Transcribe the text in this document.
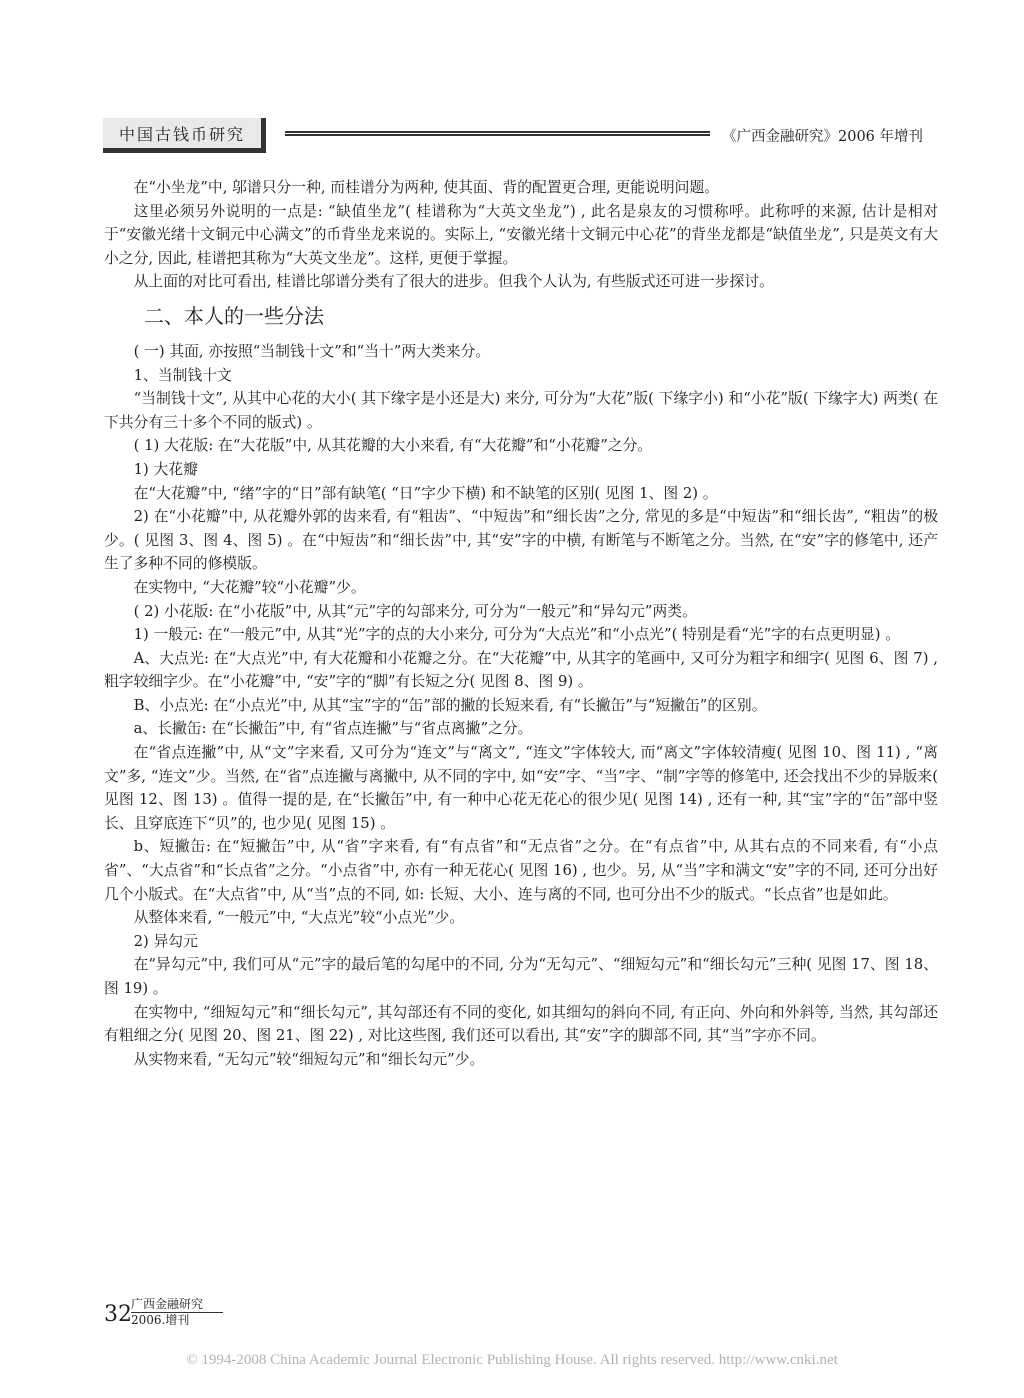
中国古钱币研究	《广西金融研究》2006 年增刊

在“小坐龙”中, 邬谱只分一种, 而桂谱分为两种, 使其面、背的配置更合理, 更能说明问题。

这里必须另外说明的一点是: “缺值坐龙”( 桂谱称为“大英文坐龙”) , 此名是泉友的习惯称呼。此称呼的来源, 估计是相对于“安徽光绪十文铜元中心满文”的币背坐龙来说的。实际上, “安徽光绪十文铜元中心花”的背坐龙都是“缺值坐龙”, 只是英文有大小之分, 因此, 桂谱把其称为“大英文坐龙”。这样, 更便于掌握。

从上面的对比可看出, 桂谱比邬谱分类有了很大的进步。但我个人认为, 有些版式还可进一步探讨。

二、本人的一些分法

( 一) 其面, 亦按照“当制钱十文”和“当十”两大类来分。

1、当制钱十文

“当制钱十文”, 从其中心花的大小( 其下缘字是小还是大) 来分, 可分为“大花”版( 下缘字小) 和“小花”版( 下缘字大) 两类( 在下共分有三十多个不同的版式) 。

( 1) 大花版: 在“大花版”中, 从其花瓣的大小来看, 有“大花瓣”和“小花瓣”之分。

1) 大花瓣

在“大花瓣”中, “绪”字的“日”部有缺笔( “日”字少下横) 和不缺笔的区别( 见图 1、图 2) 。

2) 在“小花瓣”中, 从花瓣外郭的齿来看, 有“粗齿”、“中短齿”和“细长齿”之分, 常见的多是“中短齿”和“细长齿”, “粗齿”的极少。( 见图 3、图 4、图 5) 。在“中短齿”和“细长齿”中, 其“安”字的中横, 有断笔与不断笔之分。当然, 在“安”字的修笔中, 还产生了多种不同的修模版。

在实物中, “大花瓣”较“小花瓣”少。

( 2) 小花版: 在“小花版”中, 从其“元”字的勾部来分, 可分为“一般元”和“异勾元”两类。

1) 一般元: 在“一般元”中, 从其“光”字的点的大小来分, 可分为“大点光”和“小点光”( 特别是看“光”字的右点更明显) 。

A、大点光: 在“大点光”中, 有大花瓣和小花瓣之分。在“大花瓣”中, 从其字的笔画中, 又可分为粗字和细字( 见图 6、图 7) , 粗字较细字少。在“小花瓣”中, “安”字的“脚”有长短之分( 见图 8、图 9) 。

B、小点光: 在“小点光”中, 从其“宝”字的“缶”部的撇的长短来看, 有“长撇缶”与“短撇缶”的区别。

a、长撇缶: 在“长撇缶”中, 有“省点连撇”与“省点离撇”之分。

在“省点连撇”中, 从“文”字来看, 又可分为“连文”与“离文”, “连文”字体较大, 而“离文”字体较清瘦( 见图 10、图 11) , “离文”多, “连文”少。当然, 在“省”点连撇与离撇中, 从不同的字中, 如“安”字、“当”字、“制”字等的修笔中, 还会找出不少的异版来( 见图 12、图 13) 。值得一提的是, 在“长撇缶”中, 有一种中心花无花心的很少见( 见图 14) , 还有一种, 其“宝”字的“缶”部中竖长、且穿底连下“贝”的, 也少见( 见图 15) 。

b、短撇缶: 在“短撇缶”中, 从“省”字来看, 有“有点省”和“无点省”之分。在“有点省”中, 从其右点的不同来看, 有“小点省”、“大点省”和“长点省”之分。“小点省”中, 亦有一种无花心( 见图 16) , 也少。另, 从“当”字和满文“安”字的不同, 还可分出好几个小版式。在“大点省”中, 从“当”点的不同, 如: 长短、大小、连与离的不同, 也可分出不少的版式。“长点省”也是如此。

从整体来看, “一般元”中, “大点光”较“小点光”少。

2) 异勾元

在“异勾元”中, 我们可从“元”字的最后笔的勾尾中的不同, 分为“无勾元”、“细短勾元”和“细长勾元”三种( 见图 17、图 18、图 19) 。

在实物中, “细短勾元”和“细长勾元”, 其勾部还有不同的变化, 如其细勾的斜向不同, 有正向、外向和外斜等, 当然, 其勾部还有粗细之分( 见图 20、图 21、图 22) , 对比这些图, 我们还可以看出, 其“安”字的脚部不同, 其“当”字亦不同。

从实物来看, “无勾元”较“细短勾元”和“细长勾元”少。

32 广西金融研究
2006.增刊
© 1994-2008 China Academic Journal Electronic Publishing House. All rights reserved. http://www.cnki.net
